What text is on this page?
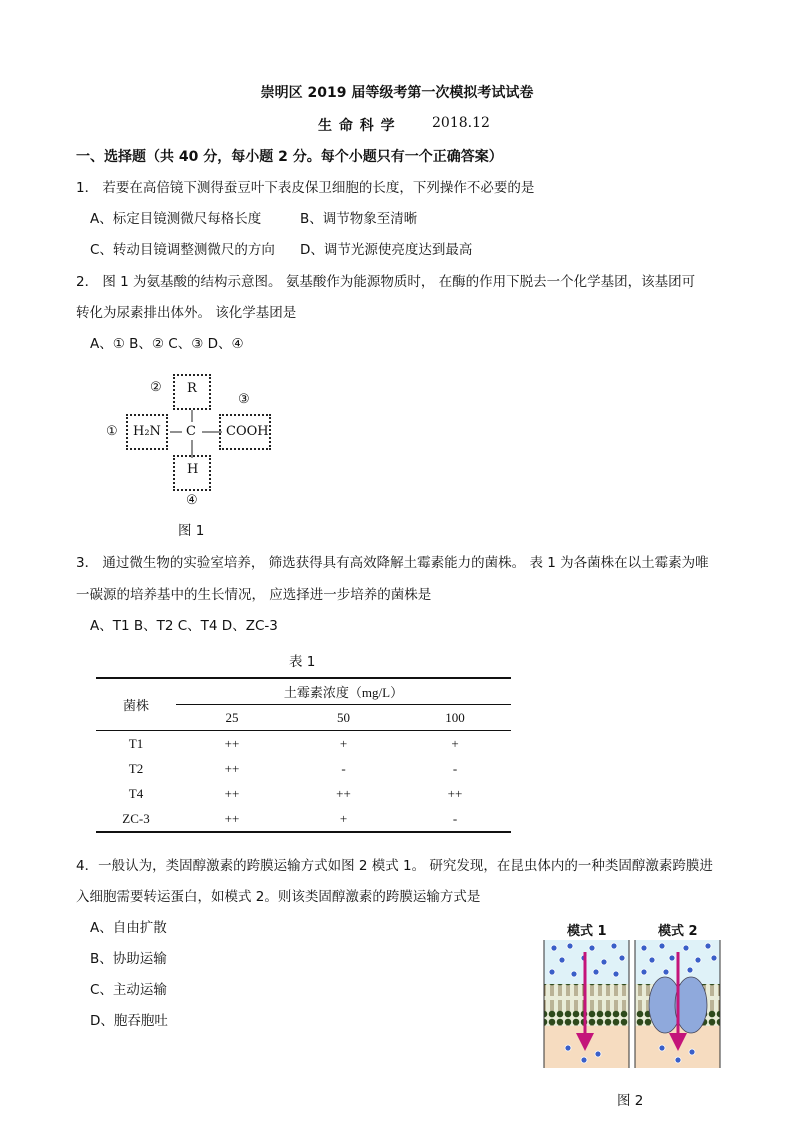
崇明区 2019 届等级考第一次模拟考试试卷
生 命 科 学	2018.12
一、选择题（共 40 分，每小题 2 分。每个小题只有一个正确答案）
1． 若要在高倍镜下测得蚕豆叶下表皮保卫细胞的长度，下列操作不必要的是
A、标定目镜测微尺每格长度	B、调节物象至清晰
C、转动目镜调整测微尺的方向 D、调节光源使亮度达到最高
2． 图 1 为氨基酸的结构示意图。 氨基酸作为能源物质时， 在酶的作用下脱去一个化学基团，该基团可
转化为尿素排出体外。 该化学基团是
A、① B、② C、③ D、④
②
③
①
④
R
H₂N C COOH
H
图 1
3． 通过微生物的实验室培养， 筛选获得具有高效降解土霉素能力的菌株。 表 1 为各菌株在以土霉素为唯
一碳源的培养基中的生长情况， 应选择进一步培养的菌株是
A、T1 B、T2 C、T4 D、ZC-3
表 1
菌株	土霉素浓度（mg/L）		
	25	50	100
T1	++	+	+
T2	++	-	-
T4	++	++	++
ZC-3	++	+	-
4．一般认为，类固醇激素的跨膜运输方式如图 2 模式 1。 研究发现，在昆虫体内的一种类固醇激素跨膜进
入细胞需要转运蛋白，如模式 2。则该类固醇激素的跨膜运输方式是
A、自由扩散
B、协助运输
C、主动运输
D、胞吞胞吐
模式 1	模式 2
图 2
